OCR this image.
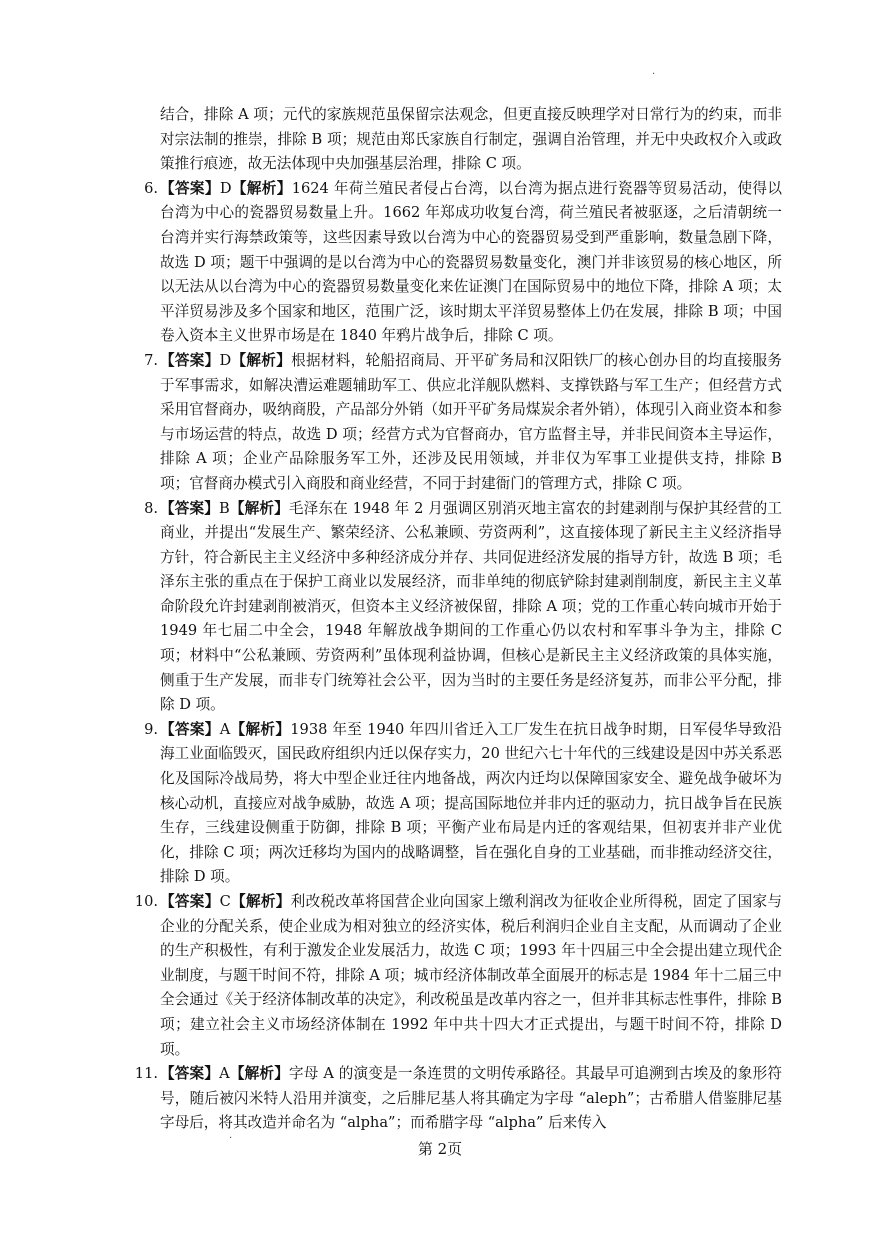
.

结合，排除 A 项；元代的家族规范虽保留宗法观念，但更直接反映理学对日常行为的约束，而非对宗法制的推崇，排除 B 项；规范由郑氏家族自行制定，强调自治管理，并无中央政权介入或政策推行痕迹，故无法体现中央加强基层治理，排除 C 项。

6. 【答案】D【解析】1624 年荷兰殖民者侵占台湾，以台湾为据点进行瓷器等贸易活动，使得以台湾为中心的瓷器贸易数量上升。1662 年郑成功收复台湾，荷兰殖民者被驱逐，之后清朝统一台湾并实行海禁政策等，这些因素导致以台湾为中心的瓷器贸易受到严重影响，数量急剧下降，故选 D 项；题干中强调的是以台湾为中心的瓷器贸易数量变化，澳门并非该贸易的核心地区，所以无法从以台湾为中心的瓷器贸易数量变化来佐证澳门在国际贸易中的地位下降，排除 A 项；太平洋贸易涉及多个国家和地区，范围广泛，该时期太平洋贸易整体上仍在发展，排除 B 项；中国卷入资本主义世界市场是在 1840 年鸦片战争后，排除 C 项。

7. 【答案】D【解析】根据材料，轮船招商局、开平矿务局和汉阳铁厂的核心创办目的均直接服务于军事需求，如解决漕运难题辅助军工、供应北洋舰队燃料、支撑铁路与军工生产；但经营方式采用官督商办，吸纳商股，产品部分外销（如开平矿务局煤炭余者外销），体现引入商业资本和参与市场运营的特点，故选 D 项；经营方式为官督商办，官方监督主导，并非民间资本主导运作，排除 A 项；企业产品除服务军工外，还涉及民用领域，并非仅为军事工业提供支持，排除 B 项；官督商办模式引入商股和商业经营，不同于封建衙门的管理方式，排除 C 项。

8. 【答案】B【解析】毛泽东在 1948 年 2 月强调区别消灭地主富农的封建剥削与保护其经营的工商业，并提出“发展生产、繁荣经济、公私兼顾、劳资两利”，这直接体现了新民主主义经济指导方针，符合新民主主义经济中多种经济成分并存、共同促进经济发展的指导方针，故选 B 项；毛泽东主张的重点在于保护工商业以发展经济，而非单纯的彻底铲除封建剥削制度，新民主主义革命阶段允许封建剥削被消灭，但资本主义经济被保留，排除 A 项；党的工作重心转向城市开始于 1949 年七届二中全会，1948 年解放战争期间的工作重心仍以农村和军事斗争为主，排除 C 项；材料中“公私兼顾、劳资两利”虽体现利益协调，但核心是新民主主义经济政策的具体实施，侧重于生产发展，而非专门统筹社会公平，因为当时的主要任务是经济复苏，而非公平分配，排除 D 项。

9. 【答案】A【解析】1938 年至 1940 年四川省迁入工厂发生在抗日战争时期，日军侵华导致沿海工业面临毁灭，国民政府组织内迁以保存实力，20 世纪六七十年代的三线建设是因中苏关系恶化及国际冷战局势，将大中型企业迁往内地备战，两次内迁均以保障国家安全、避免战争破坏为核心动机，直接应对战争威胁，故选 A 项；提高国际地位并非内迁的驱动力，抗日战争旨在民族生存，三线建设侧重于防御，排除 B 项；平衡产业布局是内迁的客观结果，但初衷并非产业优化，排除 C 项；两次迁移均为国内的战略调整，旨在强化自身的工业基础，而非推动经济交往，排除 D 项。

10. 【答案】C【解析】利改税改革将国营企业向国家上缴利润改为征收企业所得税，固定了国家与企业的分配关系，使企业成为相对独立的经济实体，税后利润归企业自主支配，从而调动了企业的生产积极性，有利于激发企业发展活力，故选 C 项；1993 年十四届三中全会提出建立现代企业制度，与题干时间不符，排除 A 项；城市经济体制改革全面展开的标志是 1984 年十二届三中全会通过《关于经济体制改革的决定》，利改税虽是改革内容之一，但并非其标志性事件，排除 B 项；建立社会主义市场经济体制在 1992 年中共十四大才正式提出，与题干时间不符，排除 D 项。

11. 【答案】A【解析】字母 A 的演变是一条连贯的文明传承路径。其最早可追溯到古埃及的象形符号，随后被闪米特人沿用并演变，之后腓尼基人将其确定为字母 “aleph”；古希腊人借鉴腓尼基字母后，将其改造并命名为 “alpha”；而希腊字母 “alpha” 后来传入

.
第 2页
